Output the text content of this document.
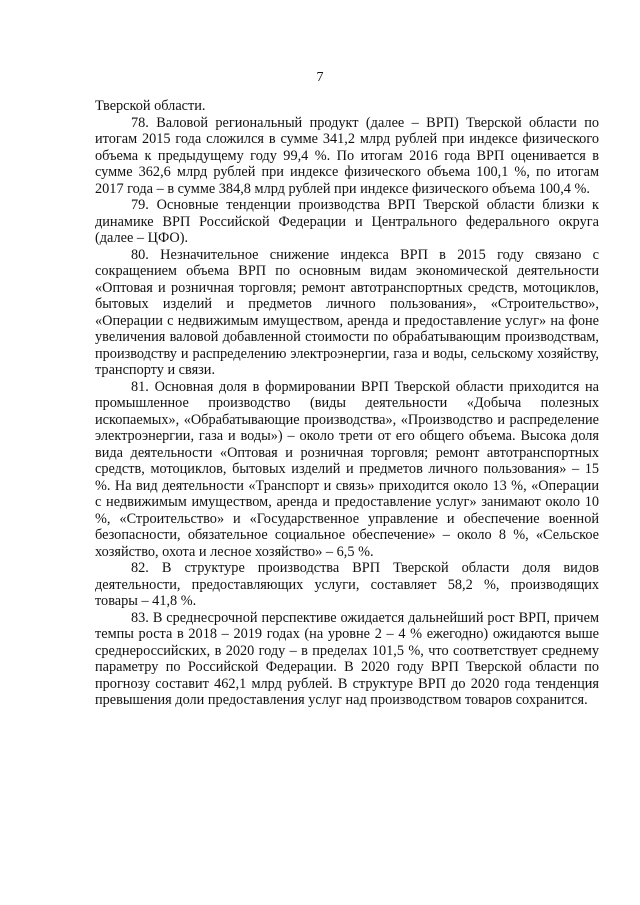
7

Тверской области.

78. Валовой региональный продукт (далее – ВРП) Тверской области по итогам 2015 года сложился в сумме 341,2 млрд рублей при индексе физического объема к предыдущему году 99,4 %. По итогам 2016 года ВРП оценивается в сумме 362,6 млрд рублей при индексе физического объема 100,1 %, по итогам 2017 года – в сумме 384,8 млрд рублей при индексе физического объема 100,4 %.

79. Основные тенденции производства ВРП Тверской области близки к динамике ВРП Российской Федерации и Центрального федерального округа (далее – ЦФО).

80. Незначительное снижение индекса ВРП в 2015 году связано с сокращением объема ВРП по основным видам экономической деятельности «Оптовая и розничная торговля; ремонт автотранспортных средств, мотоциклов, бытовых изделий и предметов личного пользования», «Строительство», «Операции с недвижимым имуществом, аренда и предоставление услуг» на фоне увеличения валовой добавленной стоимости по обрабатывающим производствам, производству и распределению электроэнергии, газа и воды, сельскому хозяйству, транспорту и связи.

81. Основная доля в формировании ВРП Тверской области приходится на промышленное производство (виды деятельности «Добыча полезных ископаемых», «Обрабатывающие производства», «Производство и распределение электроэнергии, газа и воды») – около трети от его общего объема. Высока доля вида деятельности «Оптовая и розничная торговля; ремонт автотранспортных средств, мотоциклов, бытовых изделий и предметов личного пользования» – 15 %. На вид деятельности «Транспорт и связь» приходится около 13 %, «Операции с недвижимым имуществом, аренда и предоставление услуг» занимают около 10 %, «Строительство» и «Государственное управление и обеспечение военной безопасности, обязательное социальное обеспечение» – около 8 %, «Сельское хозяйство, охота и лесное хозяйство» – 6,5 %.

82. В структуре производства ВРП Тверской области доля видов деятельности, предоставляющих услуги, составляет 58,2 %, производящих товары – 41,8 %.

83. В среднесрочной перспективе ожидается дальнейший рост ВРП, причем темпы роста в 2018 – 2019 годах (на уровне 2 – 4 % ежегодно) ожидаются выше среднероссийских, в 2020 году – в пределах 101,5 %, что соответствует среднему параметру по Российской Федерации. В 2020 году ВРП Тверской области по прогнозу составит 462,1 млрд рублей. В структуре ВРП до 2020 года тенденция превышения доли предоставления услуг над производством товаров сохранится.
